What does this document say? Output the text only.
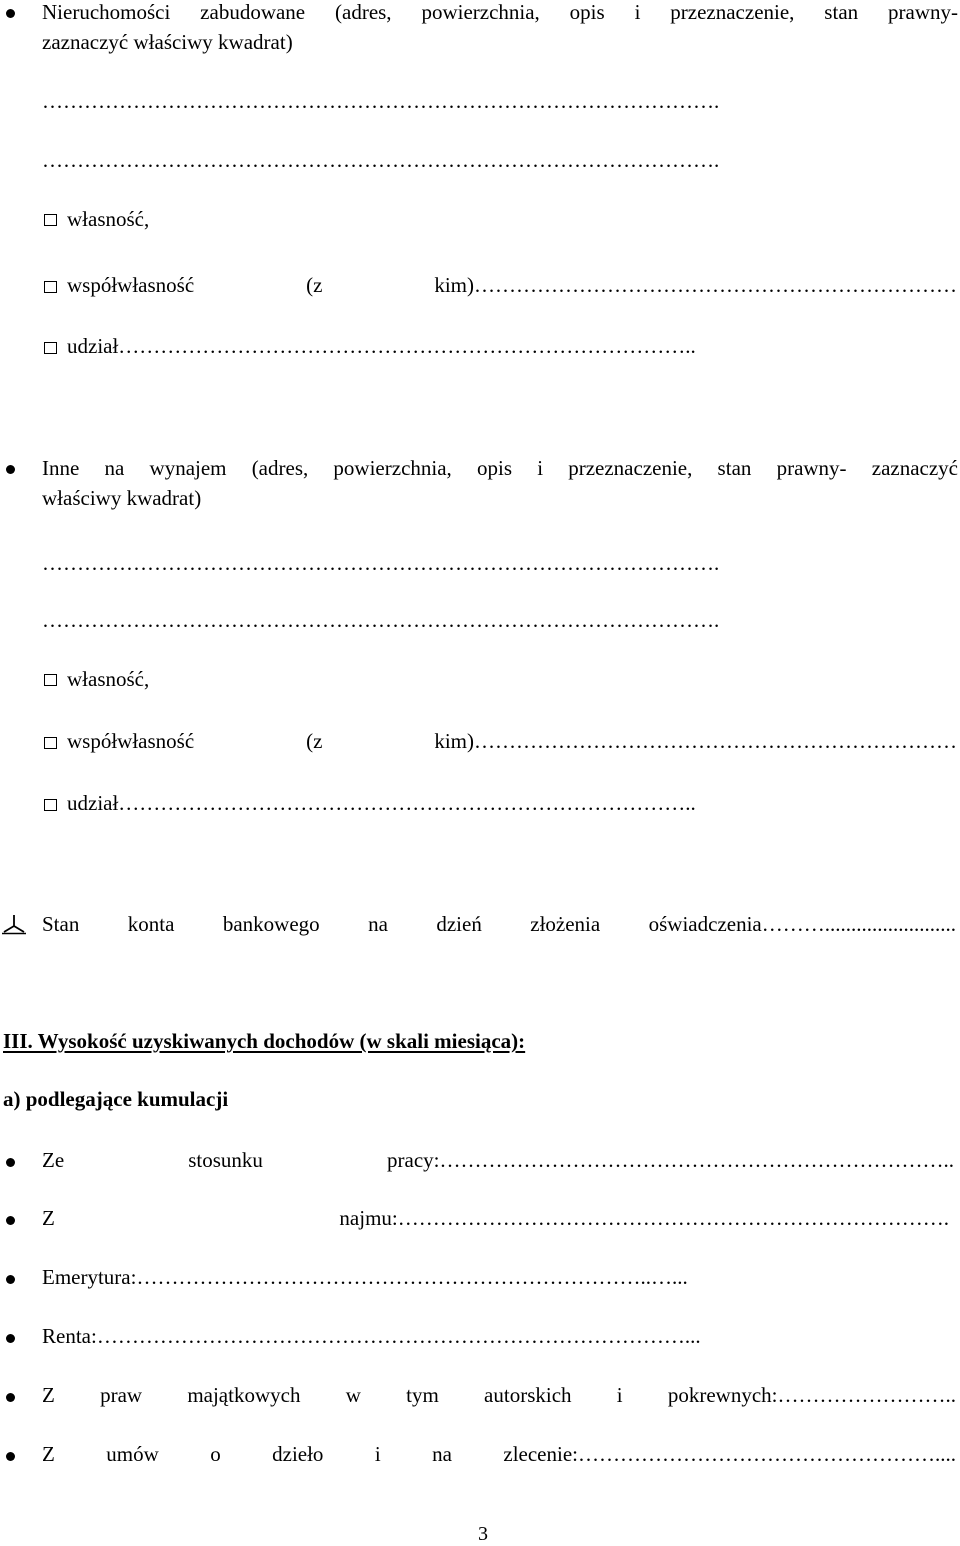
Nieruchomości zabudowane (adres, powierzchnia, opis i przeznaczenie, stan prawny-
zaznaczyć właściwy kwadrat)
…………………………………………………………………………………….
…………………………………………………………………………………….
własność,
współwłasność (z kim)……………………………………………………………
udział………………………………………………………………………..
Inne na wynajem (adres, powierzchnia, opis i przeznaczenie, stan prawny- zaznaczyć
właściwy kwadrat)
…………………………………………………………………………………….
…………………………………………………………………………………….
własność,
współwłasność (z kim)……………………………………………………………
udział………………………………………………………………………..
Stan konta bankowego na dzień złożenia oświadczenia……….........................
III. Wysokość uzyskiwanych dochodów (w skali miesiąca):
a) podlegające kumulacji
Ze stosunku pracy:………………………………………………………………..
Z najmu:…………………………………………………………………….
Emerytura:………………………………………………………………..…...
Renta:…………………………………………………………………………...
Z praw majątkowych w tym autorskich i pokrewnych:……………………..
Z umów o dzieło i na zlecenie:……………………………………………....
3
